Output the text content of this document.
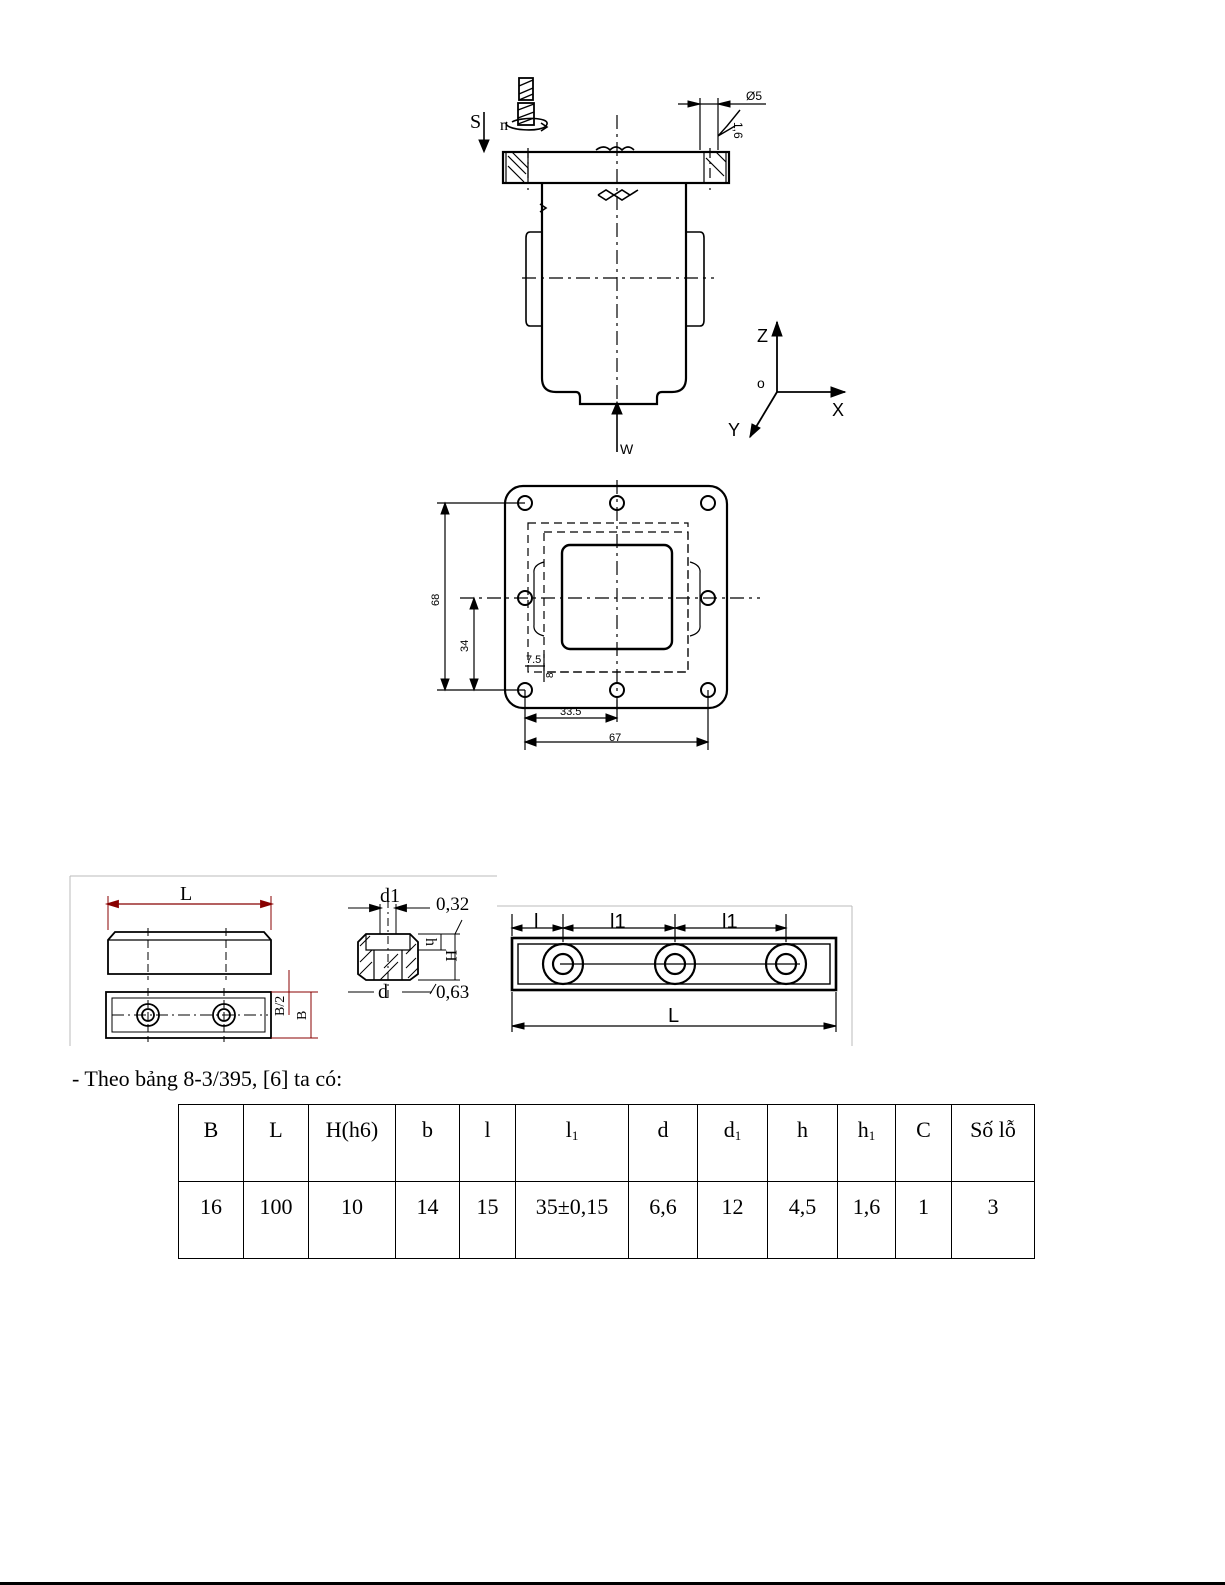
S n
Ø5
1,6
W
Z
X
Y
o
68
34
7.5
8
33.5
67
L	d1
d
0,32
0,63
h
H
B/2 B
l	l1	l1
L
- Theo bảng 8-3/395, [6] ta có:
B	L	H(h6)	b	l	$l_1$	d	$d_1$	h	$h_1$	C	Số lỗ
16	100	10	14	15	35±0,15	6,6	12	4,5	1,6	1	3
